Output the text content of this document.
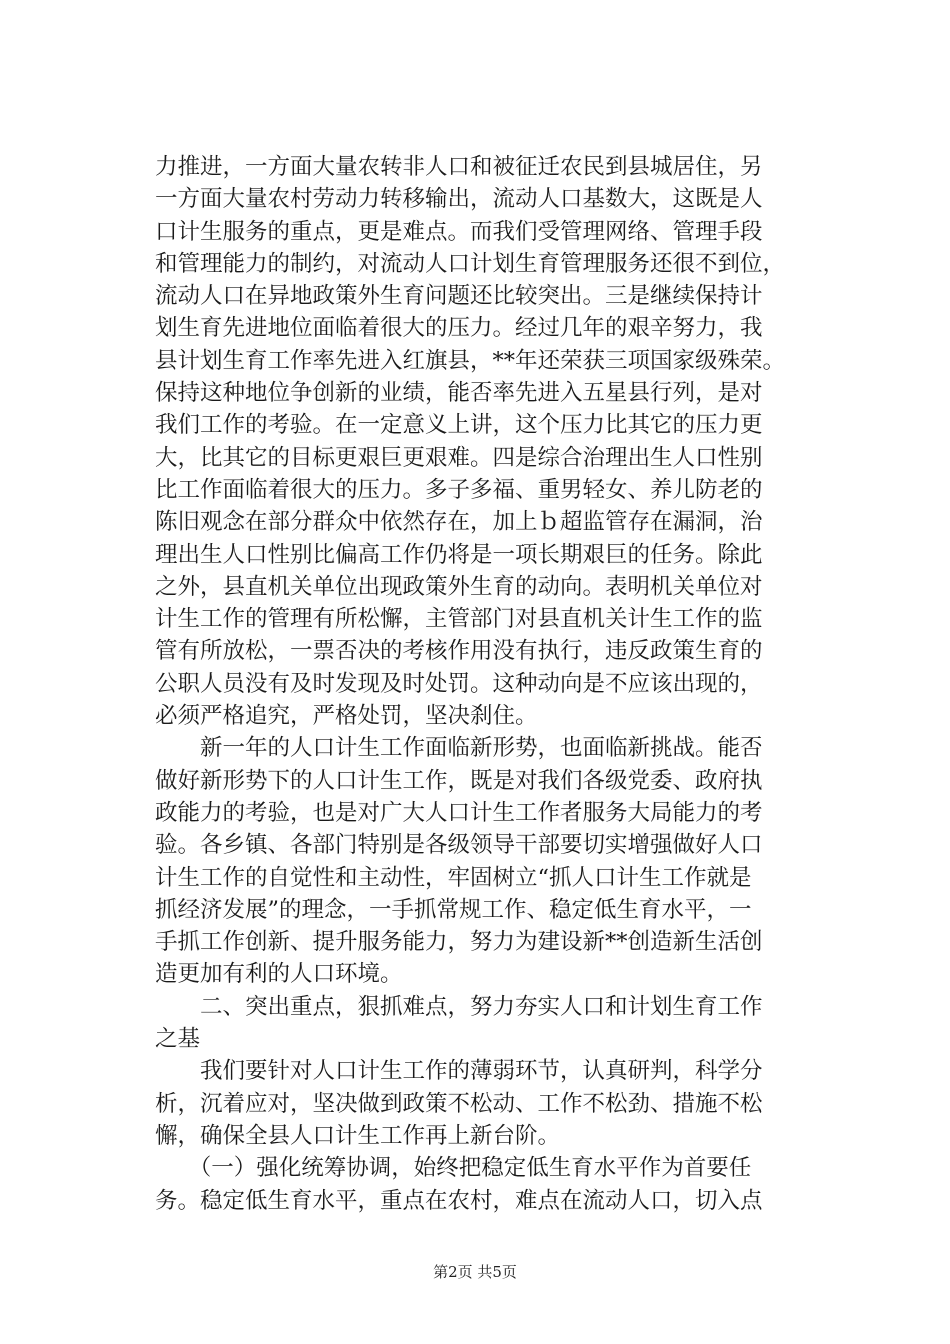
力推进，一方面大量农转非人口和被征迁农民到县城居住，另
一方面大量农村劳动力转移输出，流动人口基数大，这既是人
口计生服务的重点，更是难点。而我们受管理网络、管理手段
和管理能力的制约，对流动人口计划生育管理服务还很不到位，
流动人口在异地政策外生育问题还比较突出。三是继续保持计
划生育先进地位面临着很大的压力。经过几年的艰辛努力，我
县计划生育工作率先进入红旗县，**年还荣获三项国家级殊荣。
保持这种地位争创新的业绩，能否率先进入五星县行列，是对
我们工作的考验。在一定意义上讲，这个压力比其它的压力更
大，比其它的目标更艰巨更艰难。四是综合治理出生人口性别
比工作面临着很大的压力。多子多福、重男轻女、养儿防老的
陈旧观念在部分群众中依然存在，加上ｂ超监管存在漏洞，治
理出生人口性别比偏高工作仍将是一项长期艰巨的任务。除此
之外，县直机关单位出现政策外生育的动向。表明机关单位对
计生工作的管理有所松懈，主管部门对县直机关计生工作的监
管有所放松，一票否决的考核作用没有执行，违反政策生育的
公职人员没有及时发现及时处罚。这种动向是不应该出现的，
必须严格追究，严格处罚，坚决刹住。
　　新一年的人口计生工作面临新形势，也面临新挑战。能否
做好新形势下的人口计生工作，既是对我们各级党委、政府执
政能力的考验，也是对广大人口计生工作者服务大局能力的考
验。各乡镇、各部门特别是各级领导干部要切实增强做好人口
计生工作的自觉性和主动性，牢固树立“抓人口计生工作就是
抓经济发展”的理念，一手抓常规工作、稳定低生育水平，一
手抓工作创新、提升服务能力，努力为建设新**创造新生活创
造更加有利的人口环境。
　　二、突出重点，狠抓难点，努力夯实人口和计划生育工作
之基
　　我们要针对人口计生工作的薄弱环节，认真研判，科学分
析，沉着应对，坚决做到政策不松动、工作不松劲、措施不松
懈，确保全县人口计生工作再上新台阶。
　　（一）强化统筹协调，始终把稳定低生育水平作为首要任
务。稳定低生育水平，重点在农村，难点在流动人口，切入点
第2页 共5页
